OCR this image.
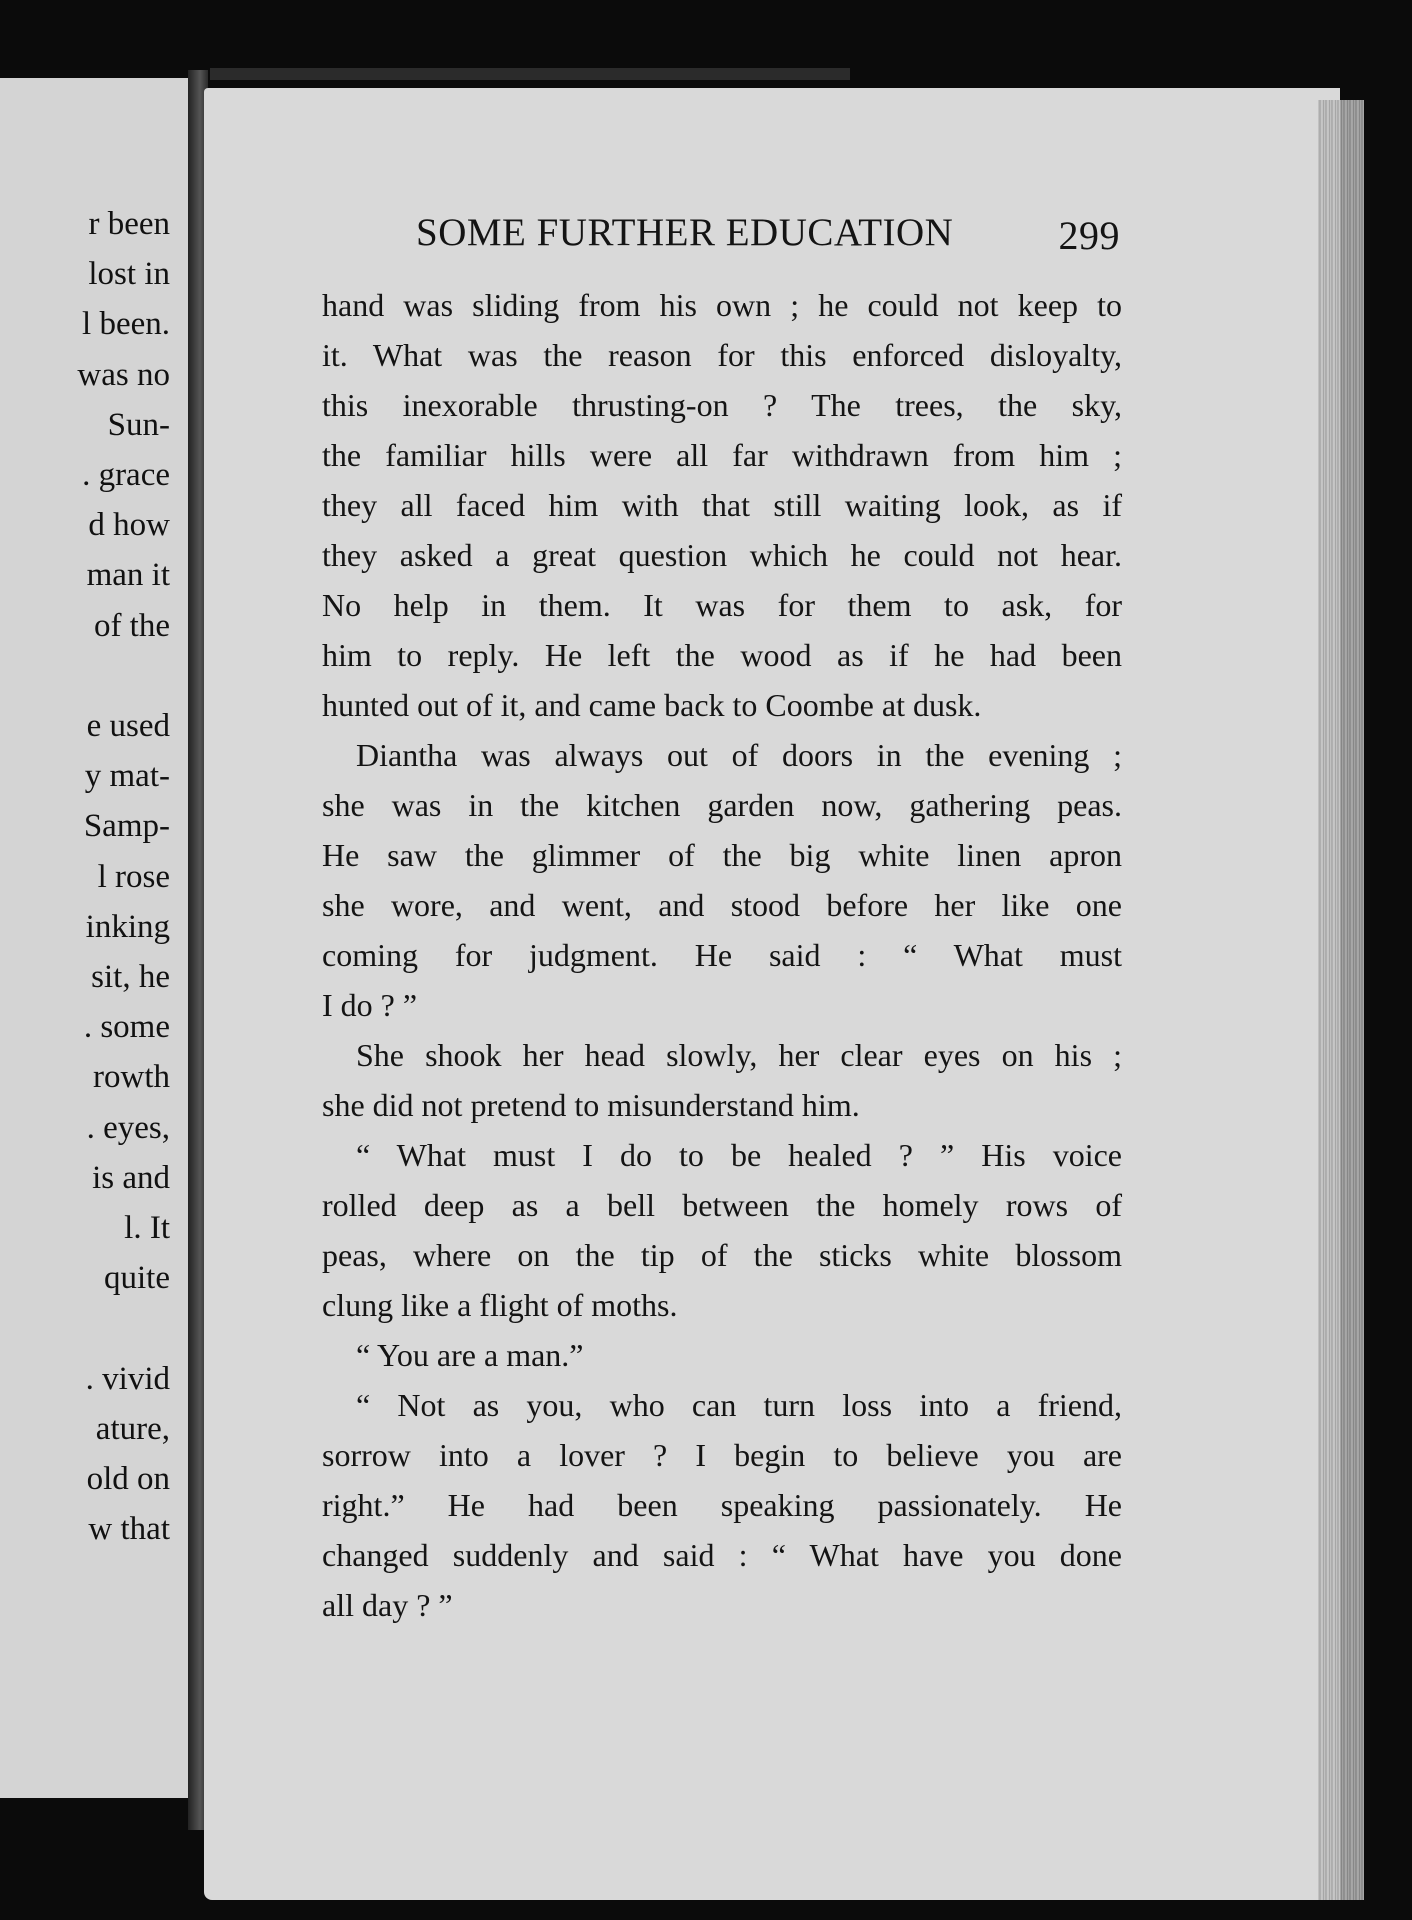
r been
lost in
l been.
was no
Sun-
. grace
d how
man it
of the
e used
y mat-
Samp-
l rose
inking
sit, he
. some
rowth
. eyes,
is and
l. It
quite
. vivid
ature,
old on
w that
SOME FURTHER EDUCATION	299
hand was sliding from his own ; he could not keep to
it. What was the reason for this enforced disloyalty,
this inexorable thrusting-on ? The trees, the sky,
the familiar hills were all far withdrawn from him ;
they all faced him with that still waiting look, as if
they asked a great question which he could not hear.
No help in them. It was for them to ask, for
him to reply. He left the wood as if he had been
hunted out of it, and came back to Coombe at dusk.
Diantha was always out of doors in the evening ;
she was in the kitchen garden now, gathering peas.
He saw the glimmer of the big white linen apron
she wore, and went, and stood before her like one
coming for judgment. He said : “ What must
I do ? ”
She shook her head slowly, her clear eyes on his ;
she did not pretend to misunderstand him.
“ What must I do to be healed ? ” His voice
rolled deep as a bell between the homely rows of
peas, where on the tip of the sticks white blossom
clung like a flight of moths.
“ You are a man.”
“ Not as you, who can turn loss into a friend,
sorrow into a lover ? I begin to believe you are
right.” He had been speaking passionately. He
changed suddenly and said : “ What have you done
all day ? ”
